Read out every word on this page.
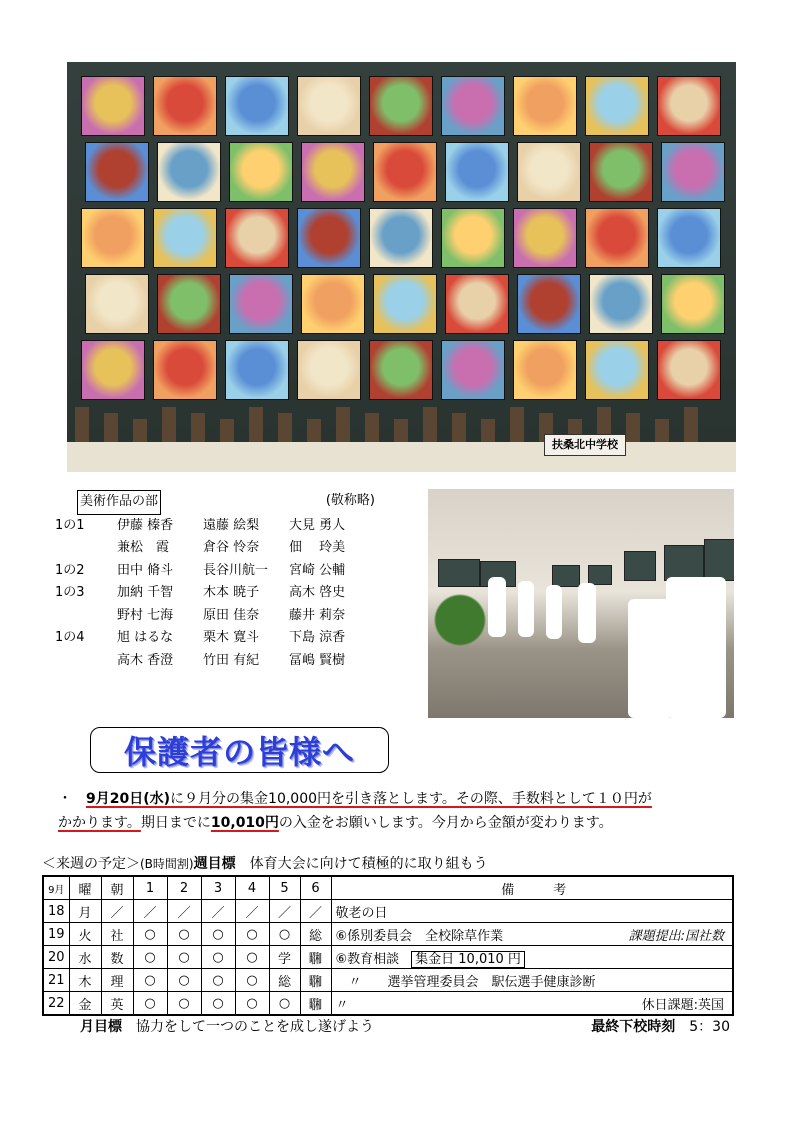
扶桑北中学校
美術作品の部	(敬称略)
1の1	伊藤 榛香	遠藤 絵梨	大見 勇人
兼松　霞	倉谷 怜奈	佃　 玲美
1の2	田中 脩斗	長谷川航一	宮崎 公輔
1の3	加納 千智	木本 暁子	高木 啓史
野村 七海	原田 佳奈	藤井 莉奈
1の4	旭 はるな	栗木 寛斗	下島 涼香
高木 香澄	竹田 有紀	冨嶋 賢樹
保護者の皆様へ
・　 9月20日(水)に９月分の集金10,000円を引き落とします。その際、手数料として１０円が
かかります。期日までに10,010円の入金をお願いします。今月から金額が変わります。
＜来週の予定＞(B時間割)週目標　 体育大会に向けて積極的に取り組もう
9月	曜	朝	1	2	3	4	5	6	備　　　考
18	月	／	／	／	／	／	／	／	敬老の日

19	火	社	○	○	○	○	○	総	⑥係別委員会　全校除草作業 課題提出:国社数

20	水	数	○	○	○	○	学	㍼	⑥教育相談 集金日 10,010 円

21	木	理	○	○	○	○	総	㍼	　〃　　選挙管理委員会　駅伝選手健康診断

22	金	英	○	○	○	○	○	㍼	〃 休日課題:英国
月目標　 協力をして一つのことを成し遂げよう	最終下校時刻　 5：30
